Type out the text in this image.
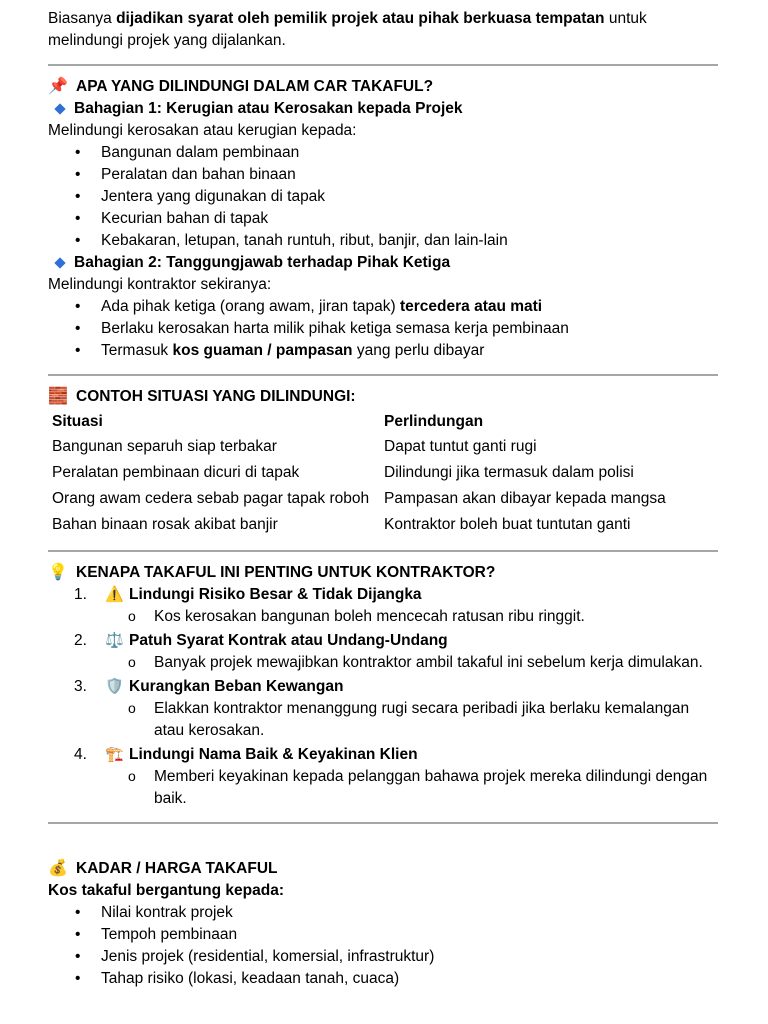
Biasanya dijadikan syarat oleh pemilik projek atau pihak berkuasa tempatan untuk melindungi projek yang dijalankan.

📌 APA YANG DILINDUNGI DALAM CAR TAKAFUL?

Bahagian 1: Kerugian atau Kerosakan kepada Projek

Melindungi kerosakan atau kerugian kepada:

• Bangunan dalam pembinaan
• Peralatan dan bahan binaan
• Jentera yang digunakan di tapak
• Kecurian bahan di tapak
• Kebakaran, letupan, tanah runtuh, ribut, banjir, dan lain-lain

Bahagian 2: Tanggungjawab terhadap Pihak Ketiga

Melindungi kontraktor sekiranya:

• Ada pihak ketiga (orang awam, jiran tapak) tercedera atau mati
• Berlaku kerosakan harta milik pihak ketiga semasa kerja pembinaan
• Termasuk kos guaman / pampasan yang perlu dibayar

🧱 CONTOH SITUASI YANG DILINDUNGI:

Situasi	Perlindungan
Bangunan separuh siap terbakar	Dapat tuntut ganti rugi
Peralatan pembinaan dicuri di tapak	Dilindungi jika termasuk dalam polisi
Orang awam cedera sebab pagar tapak roboh	Pampasan akan dibayar kepada mangsa
Bahan binaan rosak akibat banjir	Kontraktor boleh buat tuntutan ganti

💡 KENAPA TAKAFUL INI PENTING UNTUK KONTRAKTOR?

1. ⚠️ Lindungi Risiko Besar & Tidak Dijangka
o Kos kerosakan bangunan boleh mencecah ratusan ribu ringgit.
2. ⚖️ Patuh Syarat Kontrak atau Undang-Undang
o Banyak projek mewajibkan kontraktor ambil takaful ini sebelum kerja dimulakan.
3. 🛡️ Kurangkan Beban Kewangan
o Elakkan kontraktor menanggung rugi secara peribadi jika berlaku kemalangan atau kerosakan.
4. 🏗️ Lindungi Nama Baik & Keyakinan Klien
o Memberi keyakinan kepada pelanggan bahawa projek mereka dilindungi dengan baik.

💰 KADAR / HARGA TAKAFUL

Kos takaful bergantung kepada:

• Nilai kontrak projek
• Tempoh pembinaan
• Jenis projek (residential, komersial, infrastruktur)
• Tahap risiko (lokasi, keadaan tanah, cuaca)
